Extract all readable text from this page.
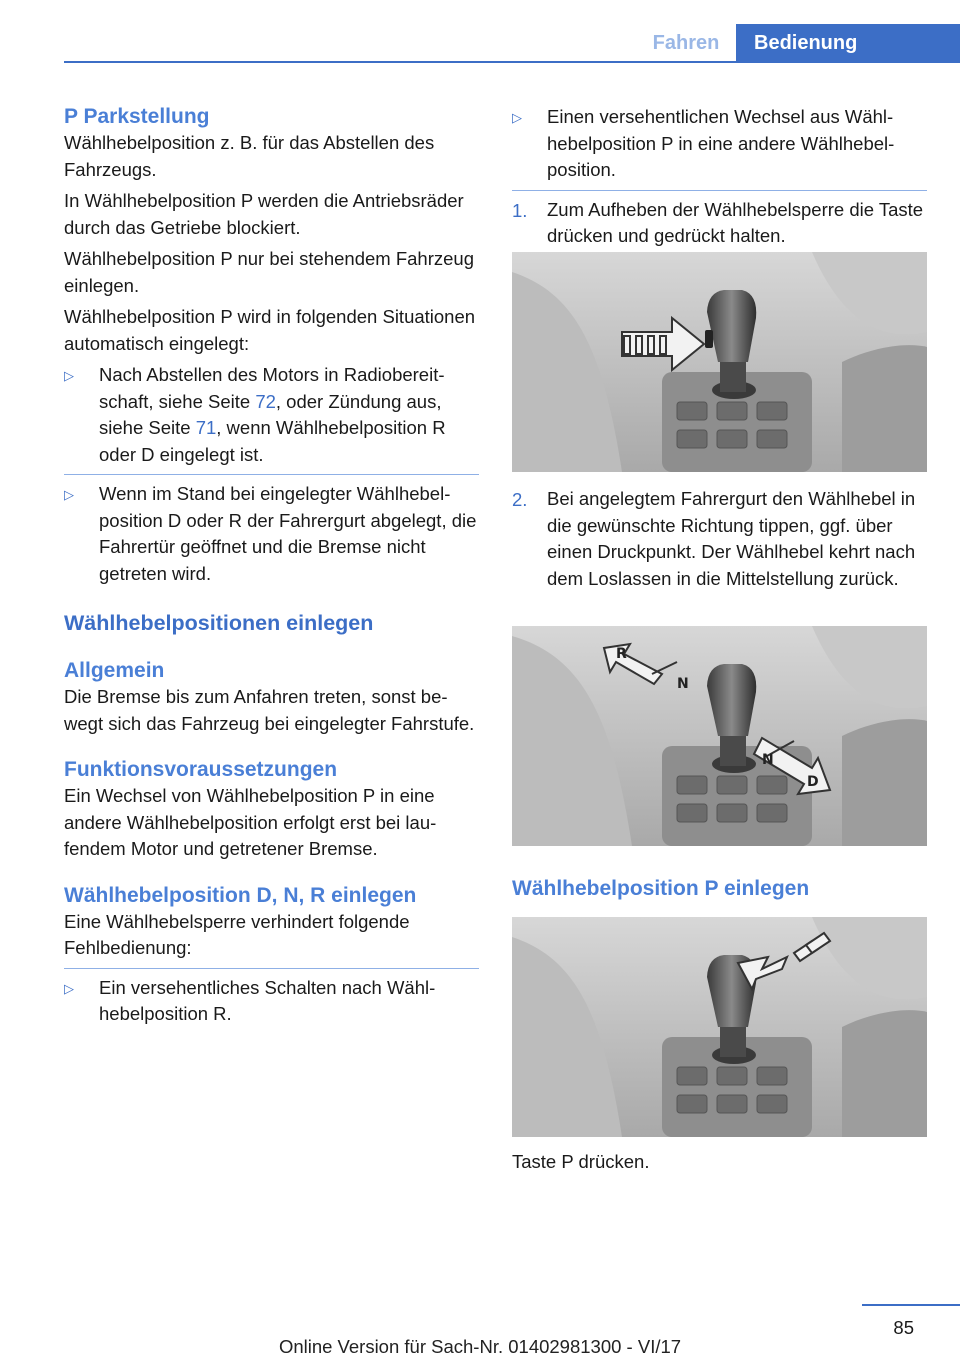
Fahren	Bedienung
P Parkstellung

Wählhebelposition z. B. für das Abstellen des Fahrzeugs.

In Wählhebelposition P werden die Antriebsräder durch das Getriebe blockiert.

Wählhebelposition P nur bei stehendem Fahrzeug einlegen.

Wählhebelposition P wird in folgenden Situationen automatisch eingelegt:

▷	Nach Abstellen des Motors in Radiobereitschaft, siehe Seite 72, oder Zündung aus, siehe Seite 71, wenn Wählhebelposition R oder D eingelegt ist.
▷	Wenn im Stand bei eingelegter Wählhebelposition D oder R der Fahrergurt abgelegt, die Fahrertür geöffnet und die Bremse nicht getreten wird.
Wählhebelpositionen einlegen
Allgemein

Die Bremse bis zum Anfahren treten, sonst bewegt sich das Fahrzeug bei eingelegter Fahrstufe.

Funktionsvoraussetzungen

Ein Wechsel von Wählhebelposition P in eine andere Wählhebelposition erfolgt erst bei laufendem Motor und getretener Bremse.

Wählhebelposition D, N, R einlegen

Eine Wählhebelsperre verhindert folgende Fehlbedienung:

▷	Ein versehentliches Schalten nach Wählhebelposition R.
▷	Einen versehentlichen Wechsel aus Wählhebelposition P in eine andere Wählhebelposition.
1.	Zum Aufheben der Wählhebelsperre die Taste drücken und gedrückt halten.
2.	Bei angelegtem Fahrergurt den Wählhebel in die gewünschte Richtung tippen, ggf. über einen Druckpunkt. Der Wählhebel kehrt nach dem Loslassen in die Mittelstellung zurück.
R
N
N
D
Wählhebelposition P einlegen

Taste P drücken.

85
Online Version für Sach-Nr. 01402981300 - VI/17
